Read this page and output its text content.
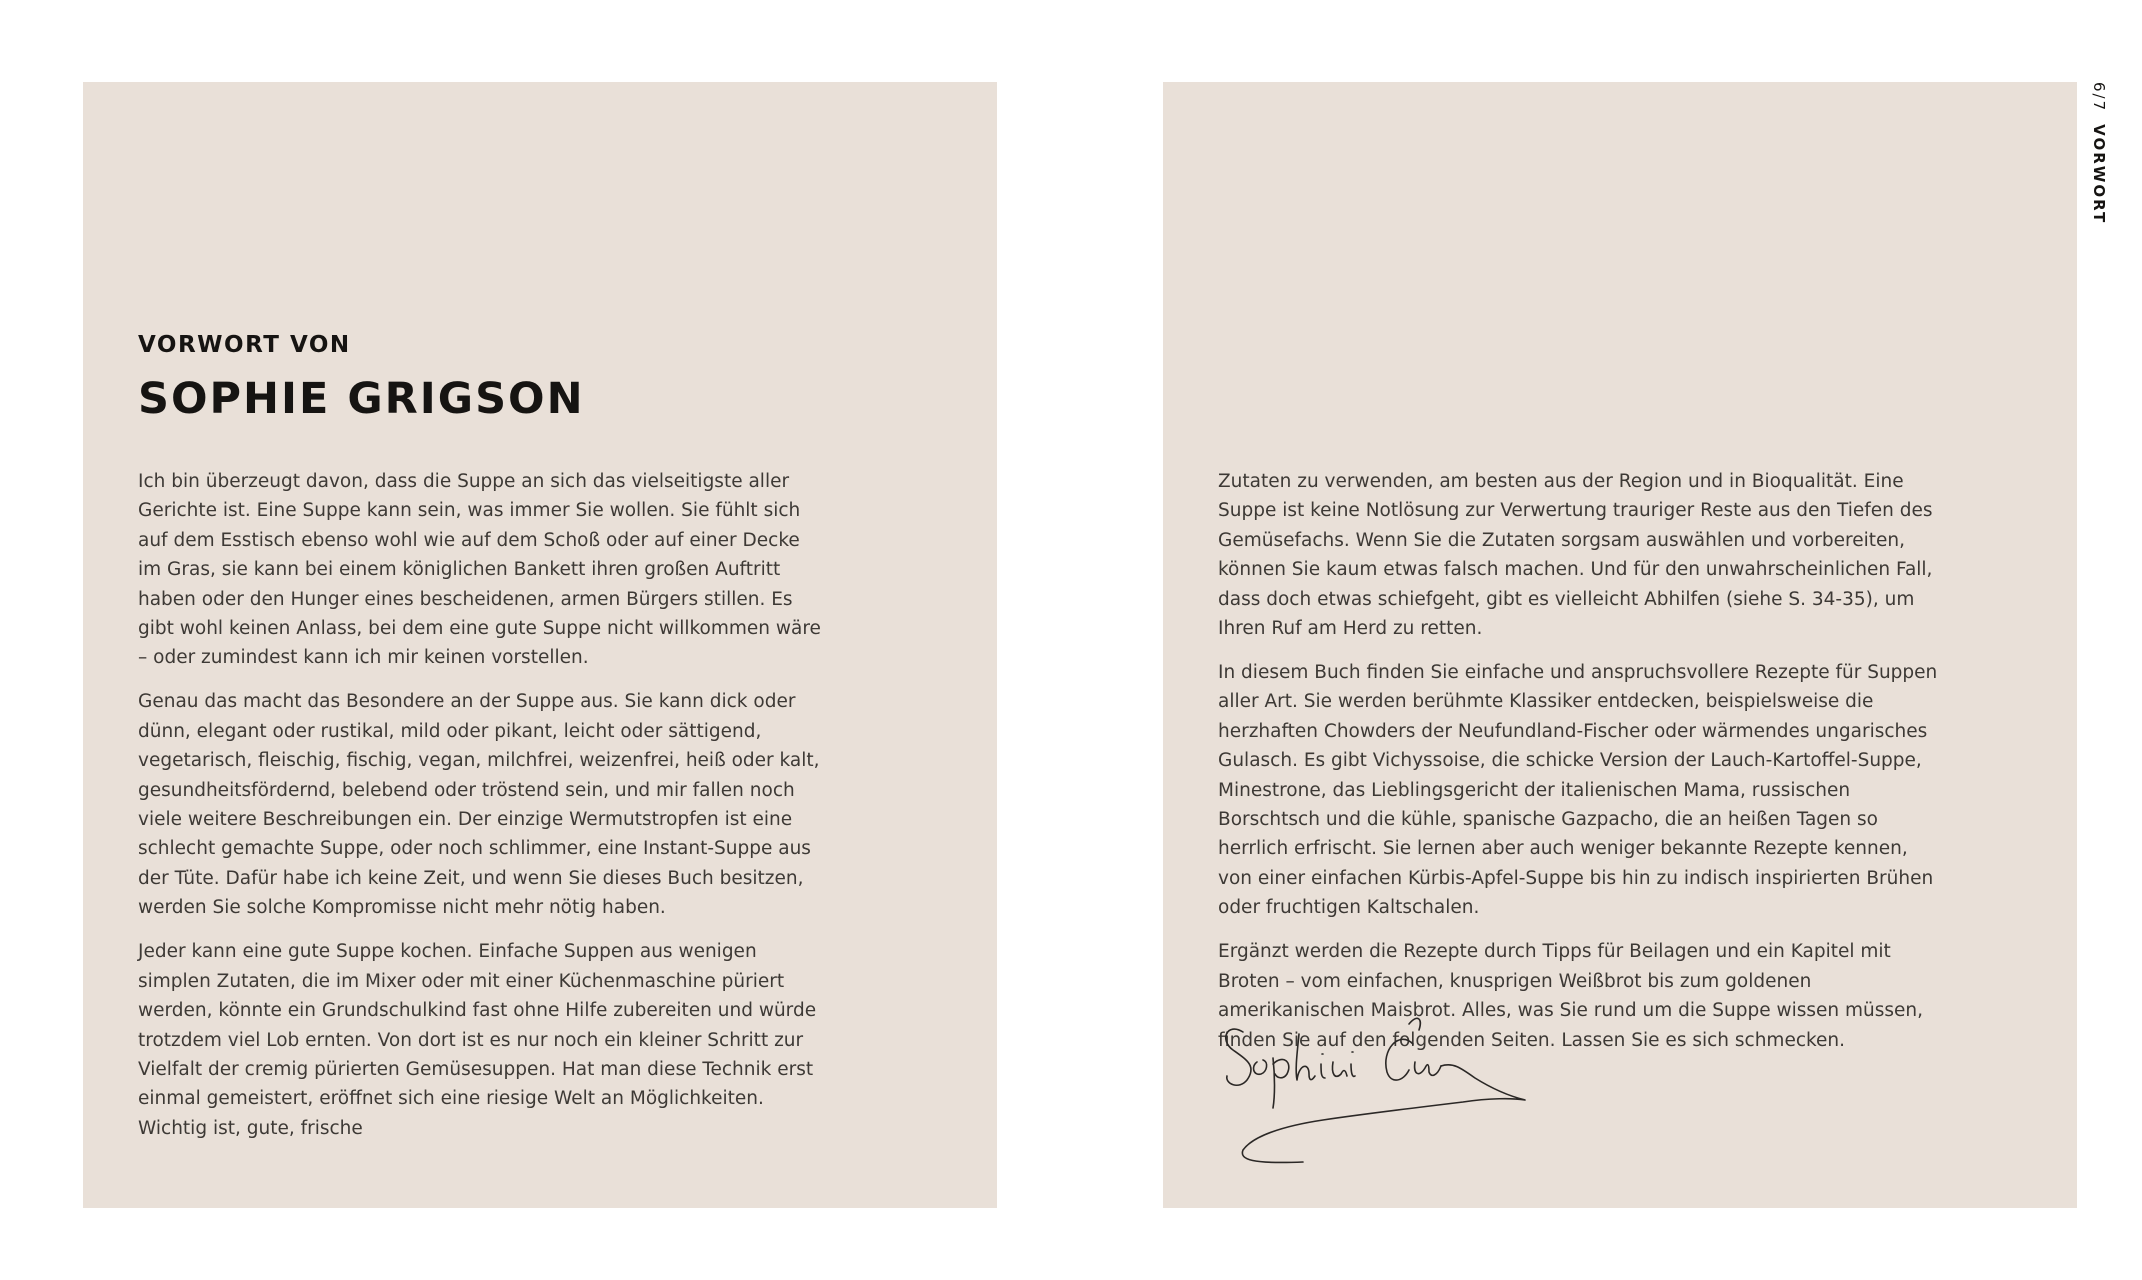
VORWORT VON
SOPHIE GRIGSON

Ich bin überzeugt davon, dass die Suppe an sich das vielseitigste aller Gerichte ist. Eine Suppe kann sein, was immer Sie wollen. Sie fühlt sich auf dem Esstisch ebenso wohl wie auf dem Schoß oder auf einer Decke im Gras, sie kann bei einem königlichen Bankett ihren großen Auftritt haben oder den Hunger eines bescheidenen, armen Bürgers stillen. Es gibt wohl keinen Anlass, bei dem eine gute Suppe nicht willkommen wäre – oder zumindest kann ich mir keinen vorstellen.

Genau das macht das Besondere an der Suppe aus. Sie kann dick oder dünn, elegant oder rustikal, mild oder pikant, leicht oder sättigend, vegetarisch, fleischig, fischig, vegan, milchfrei, weizenfrei, heiß oder kalt, gesundheitsfördernd, belebend oder tröstend sein, und mir fallen noch viele weitere Beschreibungen ein. Der einzige Wermutstropfen ist eine schlecht gemachte Suppe, oder noch schlimmer, eine Instant-Suppe aus der Tüte. Dafür habe ich keine Zeit, und wenn Sie dieses Buch besitzen, werden Sie solche Kompromisse nicht mehr nötig haben.

Jeder kann eine gute Suppe kochen. Einfache Suppen aus wenigen simplen Zutaten, die im Mixer oder mit einer Küchenmaschine püriert werden, könnte ein Grundschulkind fast ohne Hilfe zubereiten und würde trotzdem viel Lob ernten. Von dort ist es nur noch ein kleiner Schritt zur Vielfalt der cremig pürierten Gemüsesuppen. Hat man diese Technik erst einmal gemeistert, eröffnet sich eine riesige Welt an Möglichkeiten. Wichtig ist, gute, frische

Zutaten zu verwenden, am besten aus der Region und in Bioqualität. Eine Suppe ist keine Notlösung zur Verwertung trauriger Reste aus den Tiefen des Gemüsefachs. Wenn Sie die Zutaten sorgsam auswählen und vorbereiten, können Sie kaum etwas falsch machen. Und für den unwahrscheinlichen Fall, dass doch etwas schiefgeht, gibt es vielleicht Abhilfen (siehe S. 34-35), um Ihren Ruf am Herd zu retten.

In diesem Buch finden Sie einfache und anspruchsvollere Rezepte für Suppen aller Art. Sie werden berühmte Klassiker entdecken, beispielsweise die herzhaften Chowders der Neufundland-Fischer oder wärmendes ungarisches Gulasch. Es gibt Vichyssoise, die schicke Version der Lauch-Kartoffel-Suppe, Minestrone, das Lieblingsgericht der italienischen Mama, russischen Borschtsch und die kühle, spanische Gazpacho, die an heißen Tagen so herrlich erfrischt. Sie lernen aber auch weniger bekannte Rezepte kennen, von einer einfachen Kürbis-Apfel-Suppe bis hin zu indisch inspirierten Brühen oder fruchtigen Kaltschalen.

Ergänzt werden die Rezepte durch Tipps für Beilagen und ein Kapitel mit Broten – vom einfachen, knusprigen Weißbrot bis zum goldenen amerikanischen Maisbrot. Alles, was Sie rund um die Suppe wissen müssen, finden Sie auf den folgenden Seiten. Lassen Sie es sich schmecken.

6/7VORWORT
